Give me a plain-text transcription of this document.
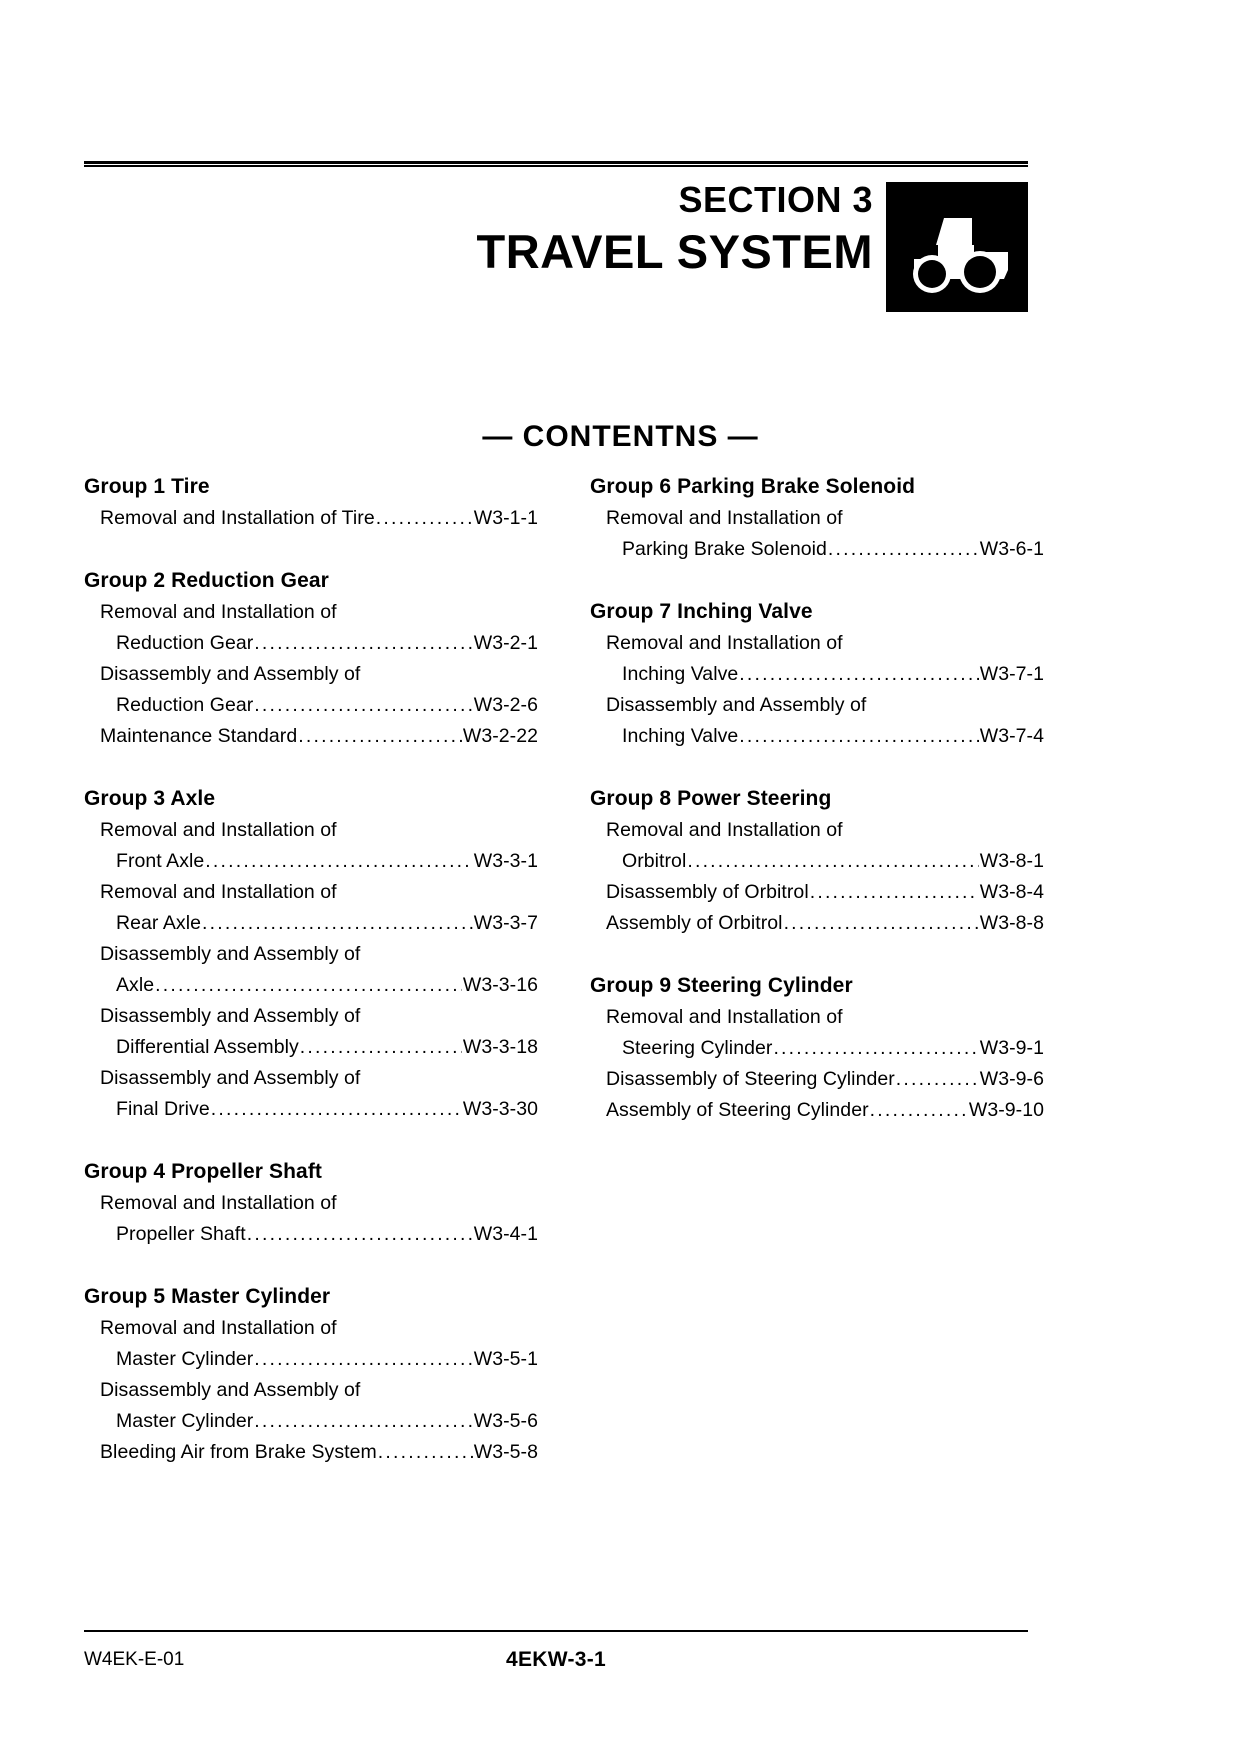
SECTION 3
TRAVEL SYSTEM
— CONTENTNS —
Group 1 Tire
Removal and Installation of Tire .....	W3-1-1
Group 2 Reduction Gear
Removal and Installation of
Reduction Gear .....	W3-2-1
Disassembly and Assembly of
Reduction Gear .....	W3-2-6
Maintenance Standard .....	W3-2-22
Group 3 Axle
Removal and Installation of
Front Axle .....	W3-3-1
Removal and Installation of
Rear Axle .....	W3-3-7
Disassembly and Assembly of
Axle .....	W3-3-16
Disassembly and Assembly of
Differential Assembly .....	W3-3-18
Disassembly and Assembly of
Final Drive .....	W3-3-30
Group 4 Propeller Shaft
Removal and Installation of
Propeller Shaft .....	W3-4-1
Group 5 Master Cylinder
Removal and Installation of
Master Cylinder .....	W3-5-1
Disassembly and Assembly of
Master Cylinder .....	W3-5-6
Bleeding Air from Brake System .....	W3-5-8
Group 6 Parking Brake Solenoid
Removal and Installation of
Parking Brake Solenoid .....	W3-6-1
Group 7 Inching Valve
Removal and Installation of
Inching Valve .....	W3-7-1
Disassembly and Assembly of
Inching Valve .....	W3-7-4
Group 8 Power Steering
Removal and Installation of
Orbitrol .....	W3-8-1
Disassembly of Orbitrol .....	W3-8-4
Assembly of Orbitrol .....	W3-8-8
Group 9 Steering Cylinder
Removal and Installation of
Steering Cylinder .....	W3-9-1
Disassembly of Steering Cylinder .....	W3-9-6
Assembly of Steering Cylinder .....	W3-9-10
W4EK-E-01	4EKW-3-1
